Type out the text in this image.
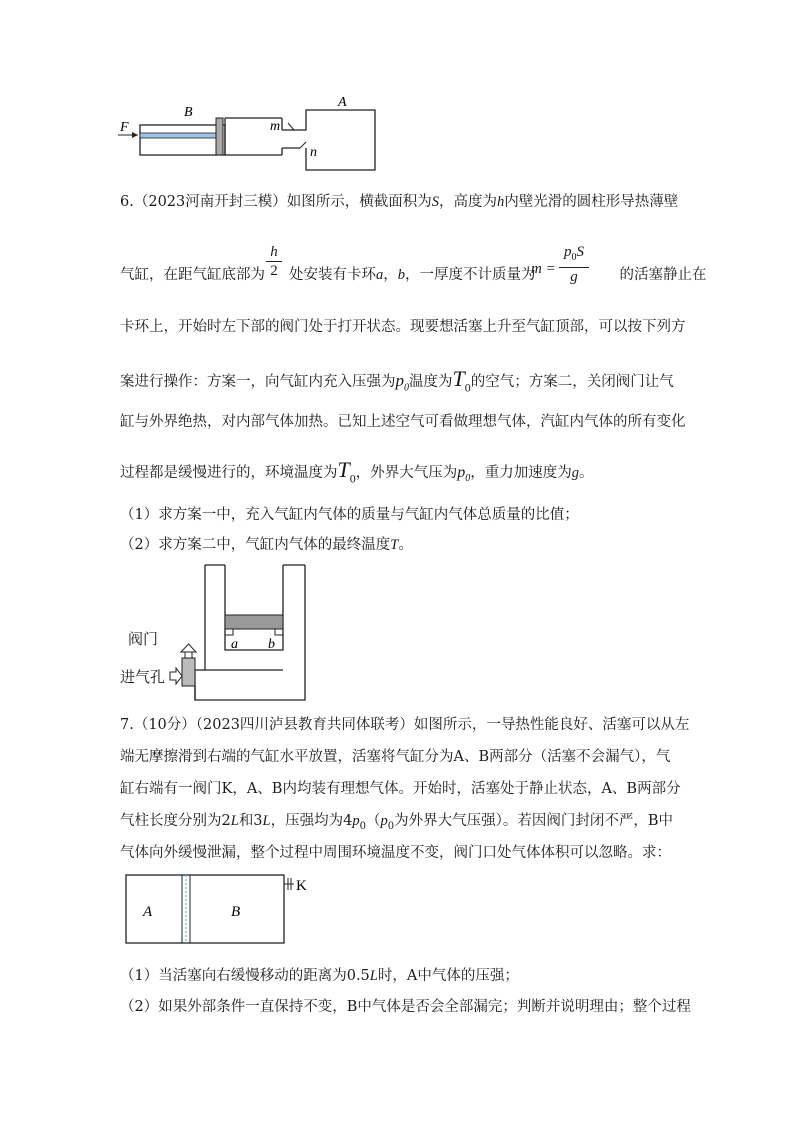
F
B
A
m
n
6.（2023河南开封三模）如图所示，横截面积为S，高度为h内壁光滑的圆柱形导热薄壁
气缸，在距气缸底部为 处安装有卡环a，b，一厚度不计质量为	的活塞静止在
h
2	m =
$p_0S$
g
卡环上，开始时左下部的阀门处于打开状态。现要想活塞上升至气缸顶部，可以按下列方
案进行操作：方案一，向气缸内充入压强为$p_0$温度为$T_0$的空气；方案二，关闭阀门让气
缸与外界绝热，对内部气体加热。已知上述空气可看做理想气体，汽缸内气体的所有变化
过程都是缓慢进行的，环境温度为$T_0$，外界大气压为$p_0$，重力加速度为g。
（1）求方案一中，充入气缸内气体的质量与气缸内气体总质量的比值；
（2）求方案二中，气缸内气体的最终温度T。
a b
阀门
进气孔
7.（10分）（2023四川泸县教育共同体联考）如图所示，一导热性能良好、活塞可以从左
端无摩擦滑到右端的气缸水平放置，活塞将气缸分为A、B两部分（活塞不会漏气），气
缸右端有一阀门K，A、B内均装有理想气体。开始时，活塞处于静止状态，A、B两部分
气柱长度分别为2L和3L，压强均为$4p_0(p_0$为外界大气压强）。若因阀门封闭不严，B中
气体向外缓慢泄漏，整个过程中周围环境温度不变，阀门口处气体体积可以忽略。求：
A	B
K
（1）当活塞向右缓慢移动的距离为0.5L时，A中气体的压强；
（2）如果外部条件一直保持不变，B中气体是否会全部漏完；判断并说明理由；整个过程
